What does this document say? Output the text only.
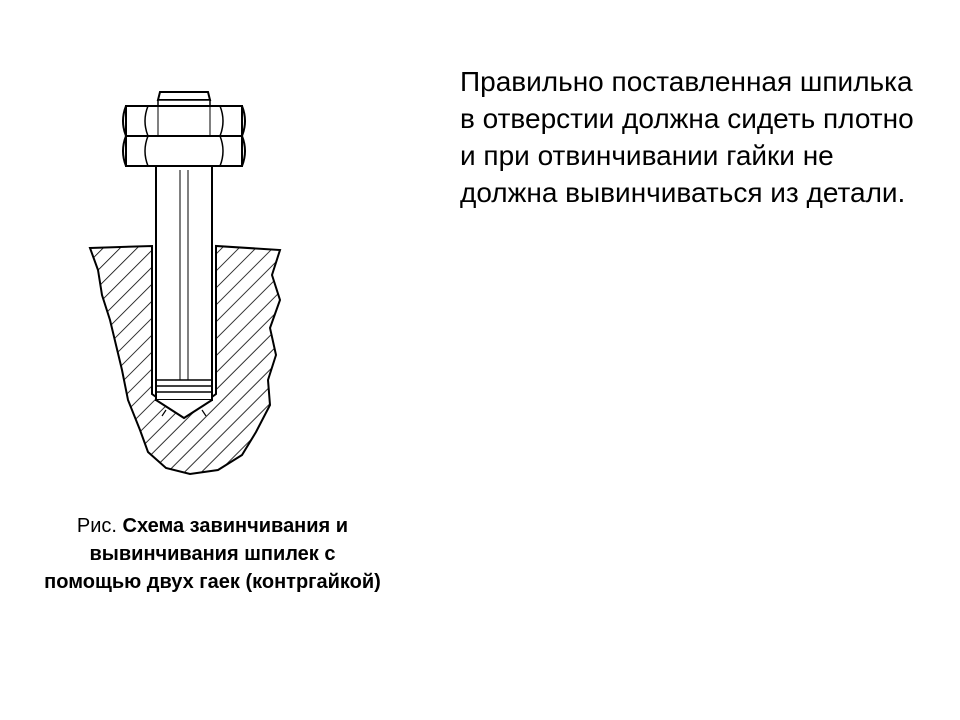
Рис. Схема завинчивания и вывинчивания шпилек с помощью двух гаек (контргайкой)
Правильно поставленная шпилька в отверстии должна сидеть плотно и при отвинчивании гайки не должна вывинчиваться из детали.
